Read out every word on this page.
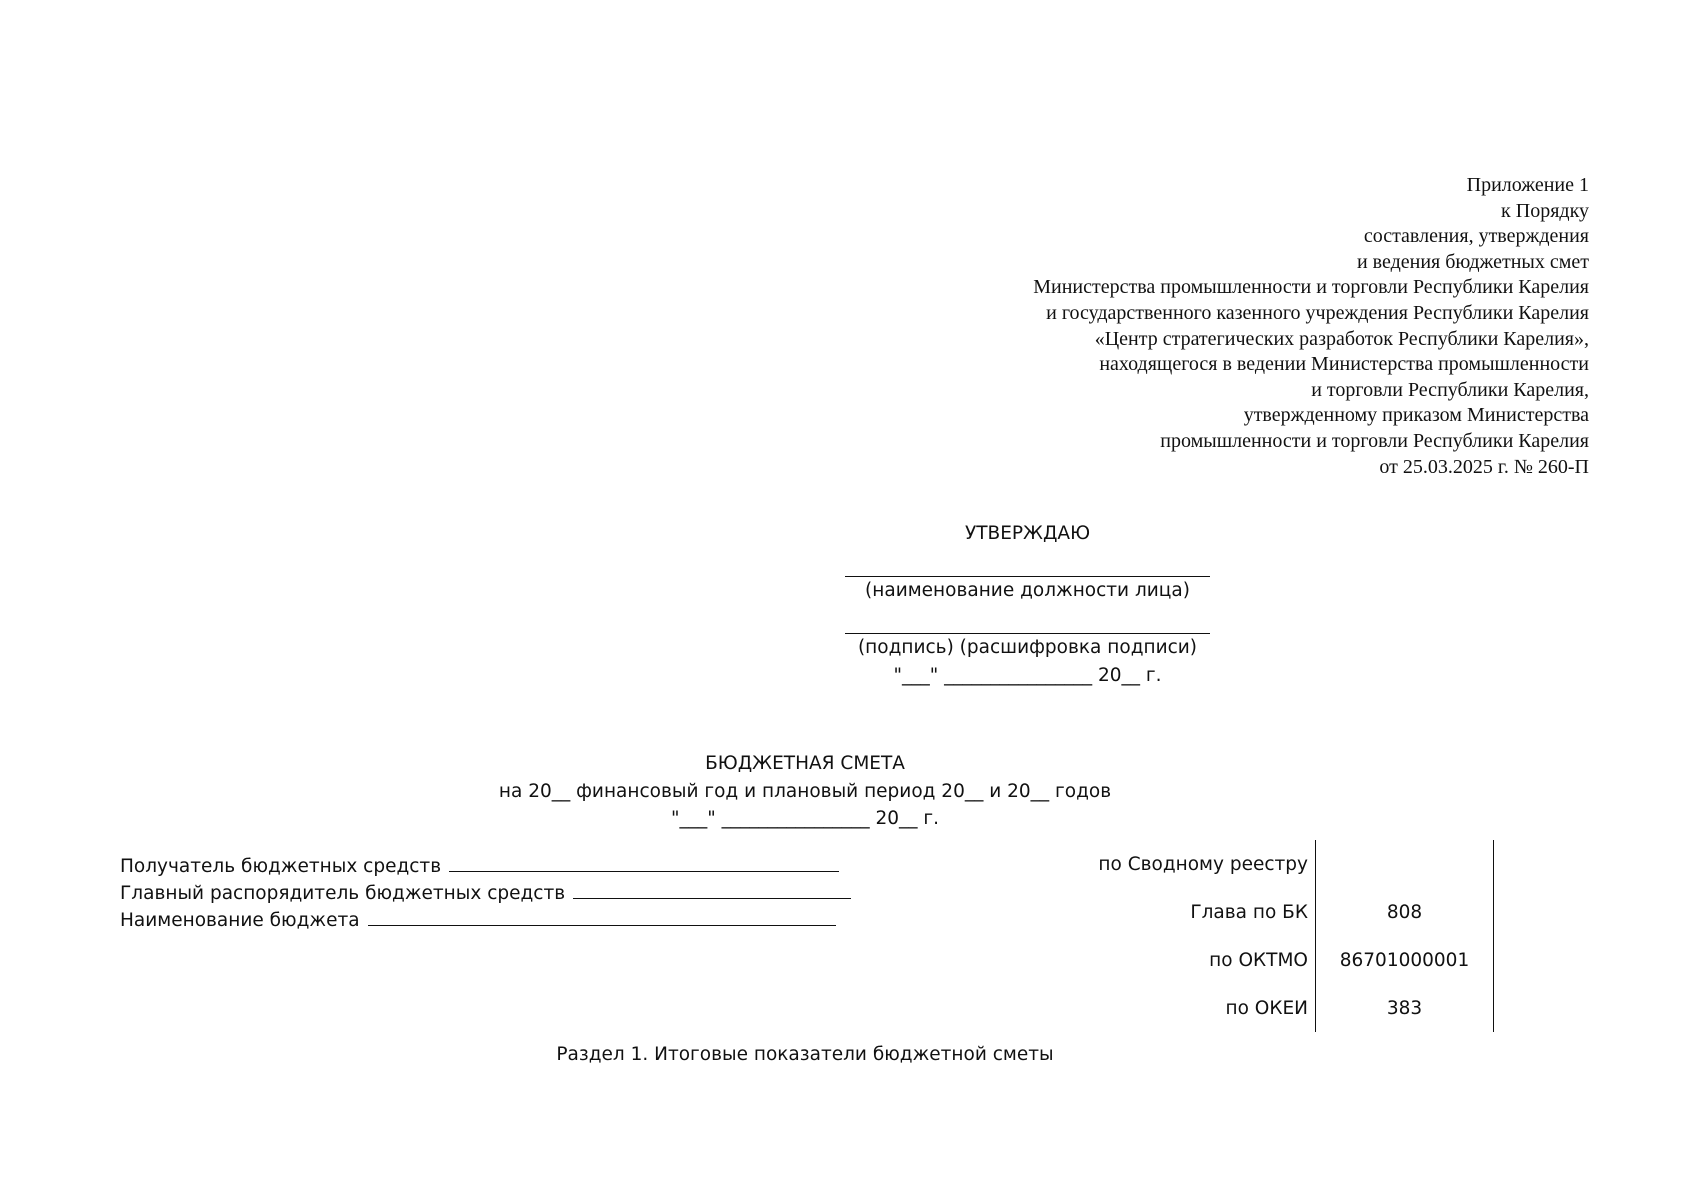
Приложение 1
к Порядку
составления, утверждения
и ведения бюджетных смет
Министерства промышленности и торговли Республики Карелия
и государственного казенного учреждения Республики Карелия
«Центр стратегических разработок Республики Карелия»,
находящегося в ведении Министерства промышленности
и торговли Республики Карелия,
утвержденному приказом Министерства
промышленности и торговли Республики Карелия
от 25.03.2025 г. № 260-П
УТВЕРЖДАЮ
(наименование должности лица)
(подпись) (расшифровка подписи)
"___" ________________ 20__ г.
БЮДЖЕТНАЯ СМЕТА
на 20__ финансовый год и плановый период 20__ и 20__ годов
"___" ________________ 20__ г.
Получатель бюджетных средств
Главный распорядитель бюджетных средств
Наименование бюджета
по Сводному реестру
Глава по БК	808
по ОКТМО	86701000001
по ОКЕИ	383
Раздел 1. Итоговые показатели бюджетной сметы
